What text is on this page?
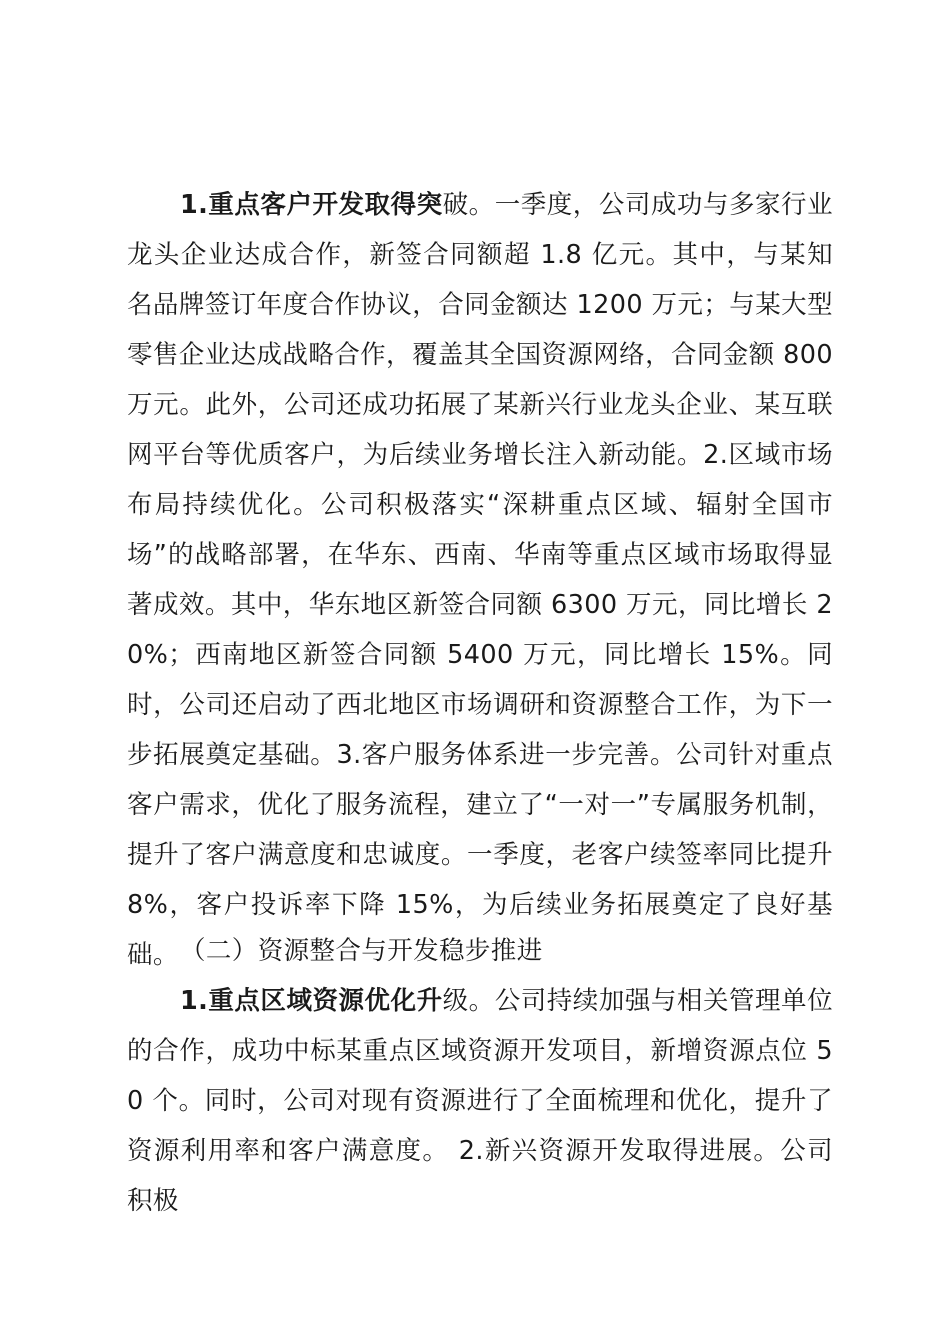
1.重点客户开发取得突破。一季度，公司成功与多家行业龙头企业达成合作，新签合同额超 1.8 亿元。其中，与某知名品牌签订年度合作协议，合同金额达 1200 万元；与某大型零售企业达成战略合作，覆盖其全国资源网络，合同金额 800 万元。此外，公司还成功拓展了某新兴行业龙头企业、某互联网平台等优质客户，为后续业务增长注入新动能。2.区域市场布局持续优化。公司积极落实“深耕重点区域、辐射全国市场”的战略部署，在华东、西南、华南等重点区域市场取得显著成效。其中，华东地区新签合同额 6300 万元，同比增长 20%；西南地区新签合同额 5400 万元，同比增长 15%。同时，公司还启动了西北地区市场调研和资源整合工作，为下一步拓展奠定基础。3.客户服务体系进一步完善。公司针对重点客户需求，优化了服务流程，建立了“一对一”专属服务机制，提升了客户满意度和忠诚度。一季度，老客户续签率同比提升 8%，客户投诉率下降 15%，为后续业务拓展奠定了良好基础。 （二）资源整合与开发稳步推进

1.重点区域资源优化升级。公司持续加强与相关管理单位的合作，成功中标某重点区域资源开发项目，新增资源点位 50 个。同时，公司对现有资源进行了全面梳理和优化，提升了资源利用率和客户满意度。 2.新兴资源开发取得进展。公司积极
